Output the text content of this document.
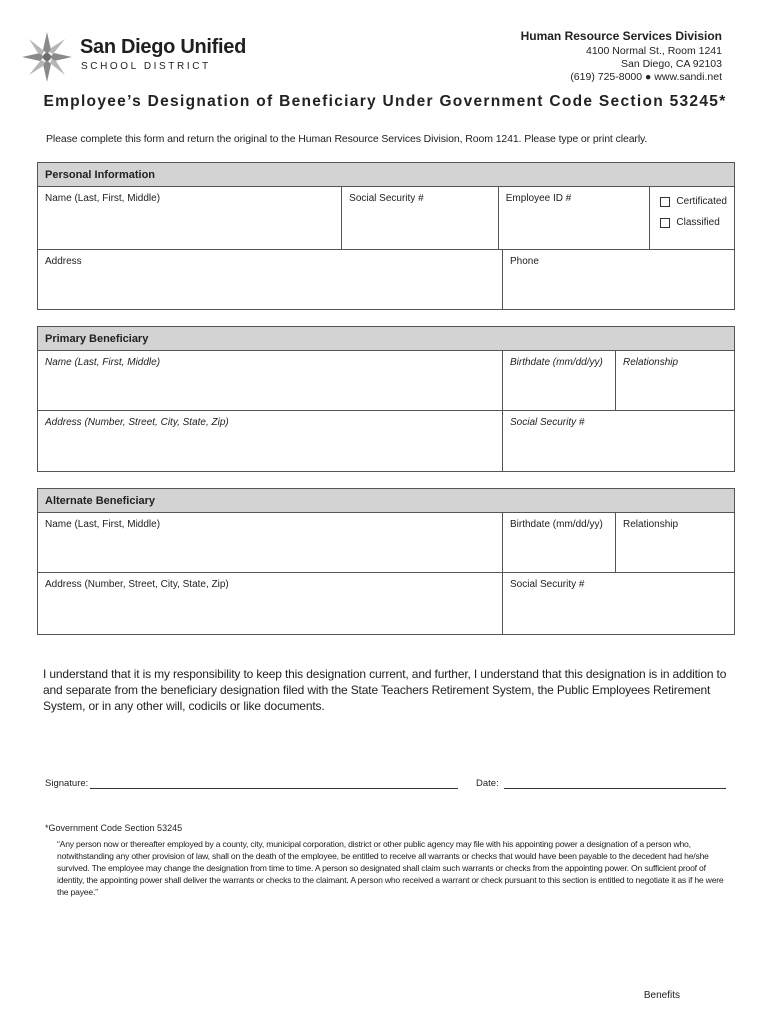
San Diego Unified
SCHOOL DISTRICT
Human Resource Services Division
4100 Normal St., Room 1241
San Diego, CA 92103
(619) 725-8000 ● www.sandi.net
Employee’s Designation of Beneficiary Under Government Code Section 53245*
Please complete this form and return the original to the Human Resource Services Division, Room 1241. Please type or print clearly.
Personal Information
Name (Last, First, Middle)	Social Security #	Employee ID #	Certificated
Classified
Address	Phone
Primary Beneficiary
Name (Last, First, Middle)	Birthdate (mm/dd/yy)	Relationship
Address (Number, Street, City, State, Zip)	Social Security #
Alternate Beneficiary
Name (Last, First, Middle)	Birthdate (mm/dd/yy)	Relationship
Address (Number, Street, City, State, Zip)	Social Security #
I understand that it is my responsibility to keep this designation current, and further, I understand that this designation is in addition to and separate from the beneficiary designation filed with the State Teachers Retirement System, the Public Employees Retirement System, or in any other will, codicils or like documents.
Signature:	Date:
*Government Code Section 53245
“Any person now or thereafter employed by a county, city, municipal corporation, district or other public agency may file with his appointing power a designation of a person who, notwithstanding any other provision of law, shall on the death of the employee, be entitled to receive all warrants or checks that would have been payable to the decedent had he/she survived. The employee may change the designation from time to time. A person so designated shall claim such warrants or checks from the appointing power. On sufficient proof of identity, the appointing power shall deliver the warrants or checks to the claimant. A person who received a warrant or check pursuant to this section is entitled to negotiate it as if he were the payee.”
Benefits
